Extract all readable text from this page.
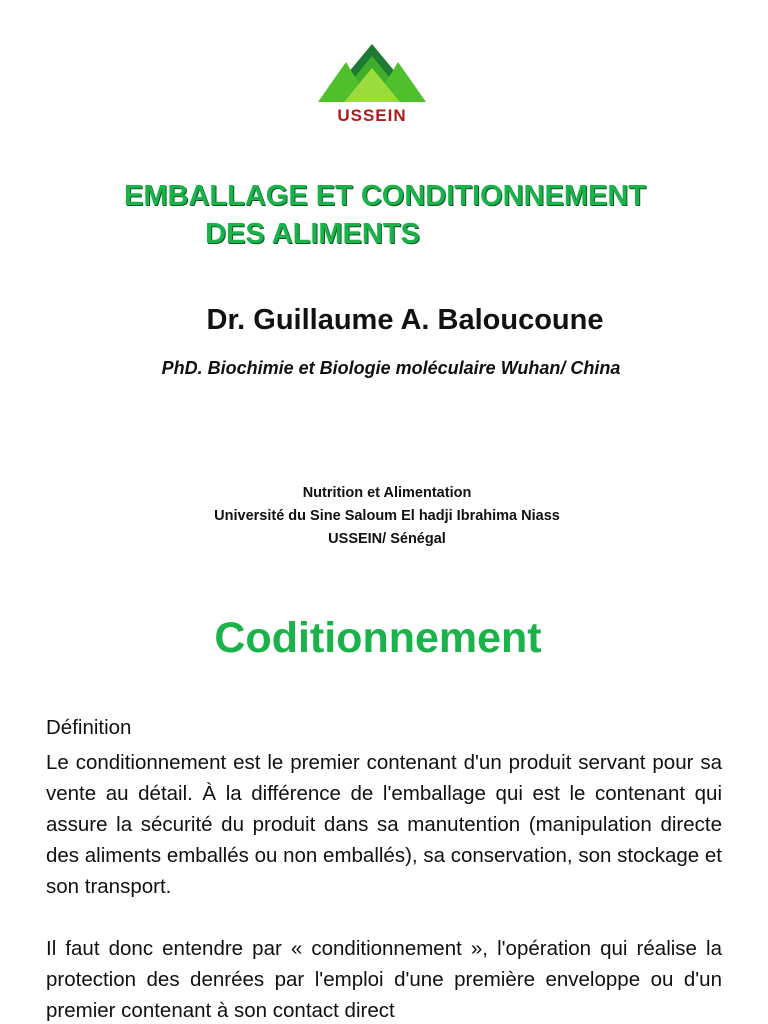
USSEIN
EMBALLAGE ET CONDITIONNEMENT
DES ALIMENTS
Dr. Guillaume A. Baloucoune
PhD. Biochimie et Biologie moléculaire Wuhan/ China
Nutrition et Alimentation
Université du Sine Saloum El hadji Ibrahima Niass
USSEIN/ Sénégal
Coditionnement
Définition

Le conditionnement est le premier contenant d'un produit servant pour sa vente au détail. À la différence de l'emballage qui est le contenant qui assure la sécurité du produit dans sa manutention (manipulation directe des aliments emballés ou non emballés), sa conservation, son stockage et son transport.

Il faut donc entendre par « conditionnement », l'opération qui réalise la protection des denrées par l'emploi d'une première enveloppe ou d'un premier contenant à son contact direct
